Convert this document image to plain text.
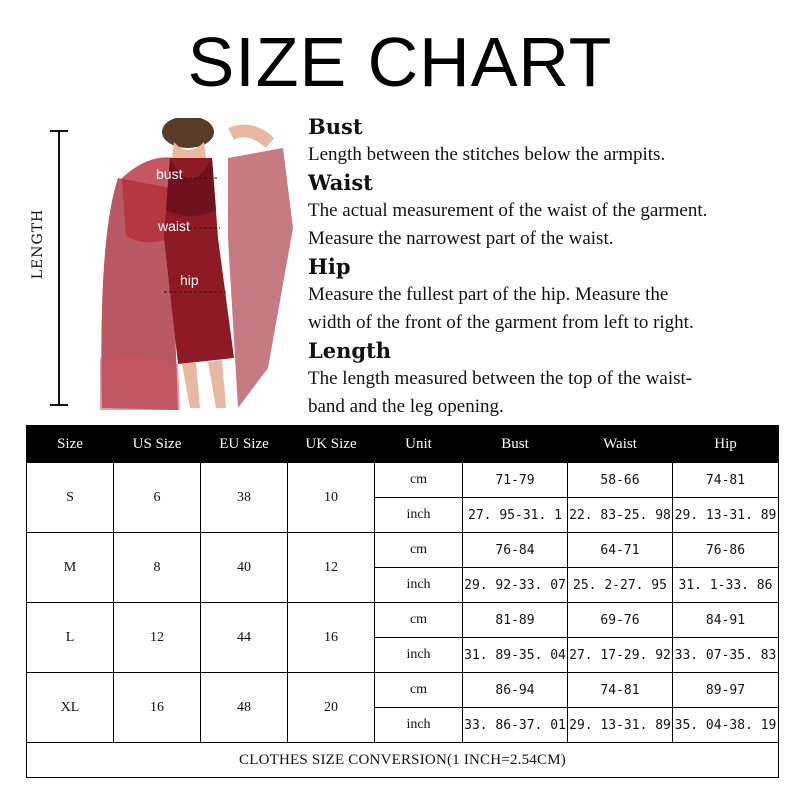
SIZE CHART
LENGTH
bust
waist
hip
Bust
Length between the stitches below the armpits.
Waist
The actual measurement of the waist of the garment.
Measure the narrowest part of the waist.
Hip
Measure the fullest part of the hip. Measure the
width of the front of the garment from left to right.
Length
The length measured between the top of the waist-
band and the leg opening.
Size	US Size	EU Size	UK Size	Unit	Bust	Waist	Hip
S	6	38	10	cm	71-79	58-66	74-81
				inch	27. 95-31. 1	22. 83-25. 98	29. 13-31. 89
M	8	40	12	cm	76-84	64-71	76-86
				inch	29. 92-33. 07	25. 2-27. 95	31. 1-33. 86
L	12	44	16	cm	81-89	69-76	84-91
				inch	31. 89-35. 04	27. 17-29. 92	33. 07-35. 83
XL	16	48	20	cm	86-94	74-81	89-97
				inch	33. 86-37. 01	29. 13-31. 89	35. 04-38. 19
CLOTHES SIZE CONVERSION(1 INCH=2.54CM)							
